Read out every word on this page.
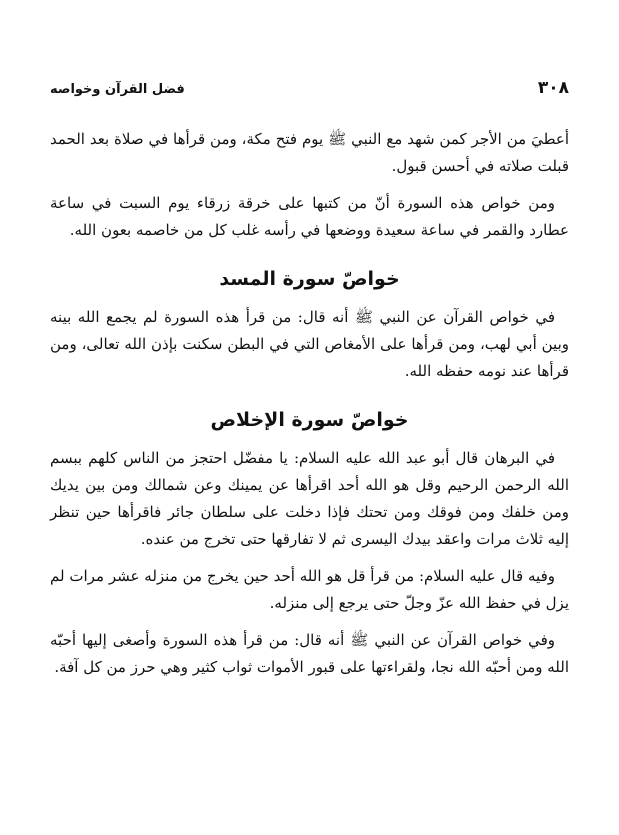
٣٠٨
فضل القرآن وخواصه

أعطيَ من الأجر كمن شهد مع النبي ﷺ يوم فتح مكة، ومن قرأها في صلاة بعد الحمد قبلت صلاته في أحسن قبول.

ومن خواص هذه السورة أنّ من كتبها على خرقة زرقاء يوم السبت في ساعة عطارد والقمر في ساعة سعيدة ووضعها في رأسه غلب كل من خاصمه بعون الله.

خواصّ سورة المسد

في خواص القرآن عن النبي ﷺ أنه قال: من قرأ هذه السورة لم يجمع الله بينه وبين أبي لهب، ومن قرأها على الأمغاص التي في البطن سكنت بإذن الله تعالى، ومن قرأها عند نومه حفظه الله.

خواصّ سورة الإخلاص

في البرهان قال أبو عبد الله عليه السلام: يا مفضّل احتجز من الناس كلهم ببسم الله الرحمن الرحيم وقل هو الله أحد اقرأها عن يمينك وعن شمالك ومن بين يديك ومن خلفك ومن فوقك ومن تحتك فإذا دخلت على سلطان جائر فاقرأها حين تنظر إليه ثلاث مرات واعقد بيدك اليسرى ثم لا تفارقها حتى تخرج من عنده.

وفيه قال عليه السلام: من قرأ قل هو الله أحد حين يخرج من منزله عشر مرات لم يزل في حفظ الله عزّ وجلّ حتى يرجع إلى منزله.

وفي خواص القرآن عن النبي ﷺ أنه قال: من قرأ هذه السورة وأصغى إليها أحبّه الله ومن أحبّه الله نجا، ولقراءتها على قبور الأموات ثواب كثير وهي حرز من كل آفة.
